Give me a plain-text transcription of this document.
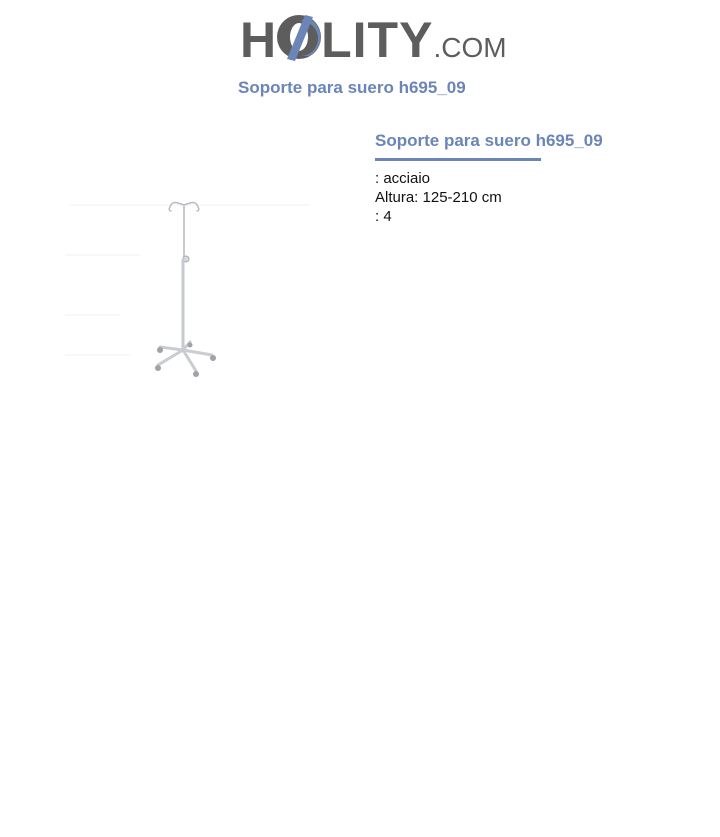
H LITY.COM
Soporte para suero h695_09
Soporte para suero h695_09
: acciaio
Altura: 125-210 cm
: 4
